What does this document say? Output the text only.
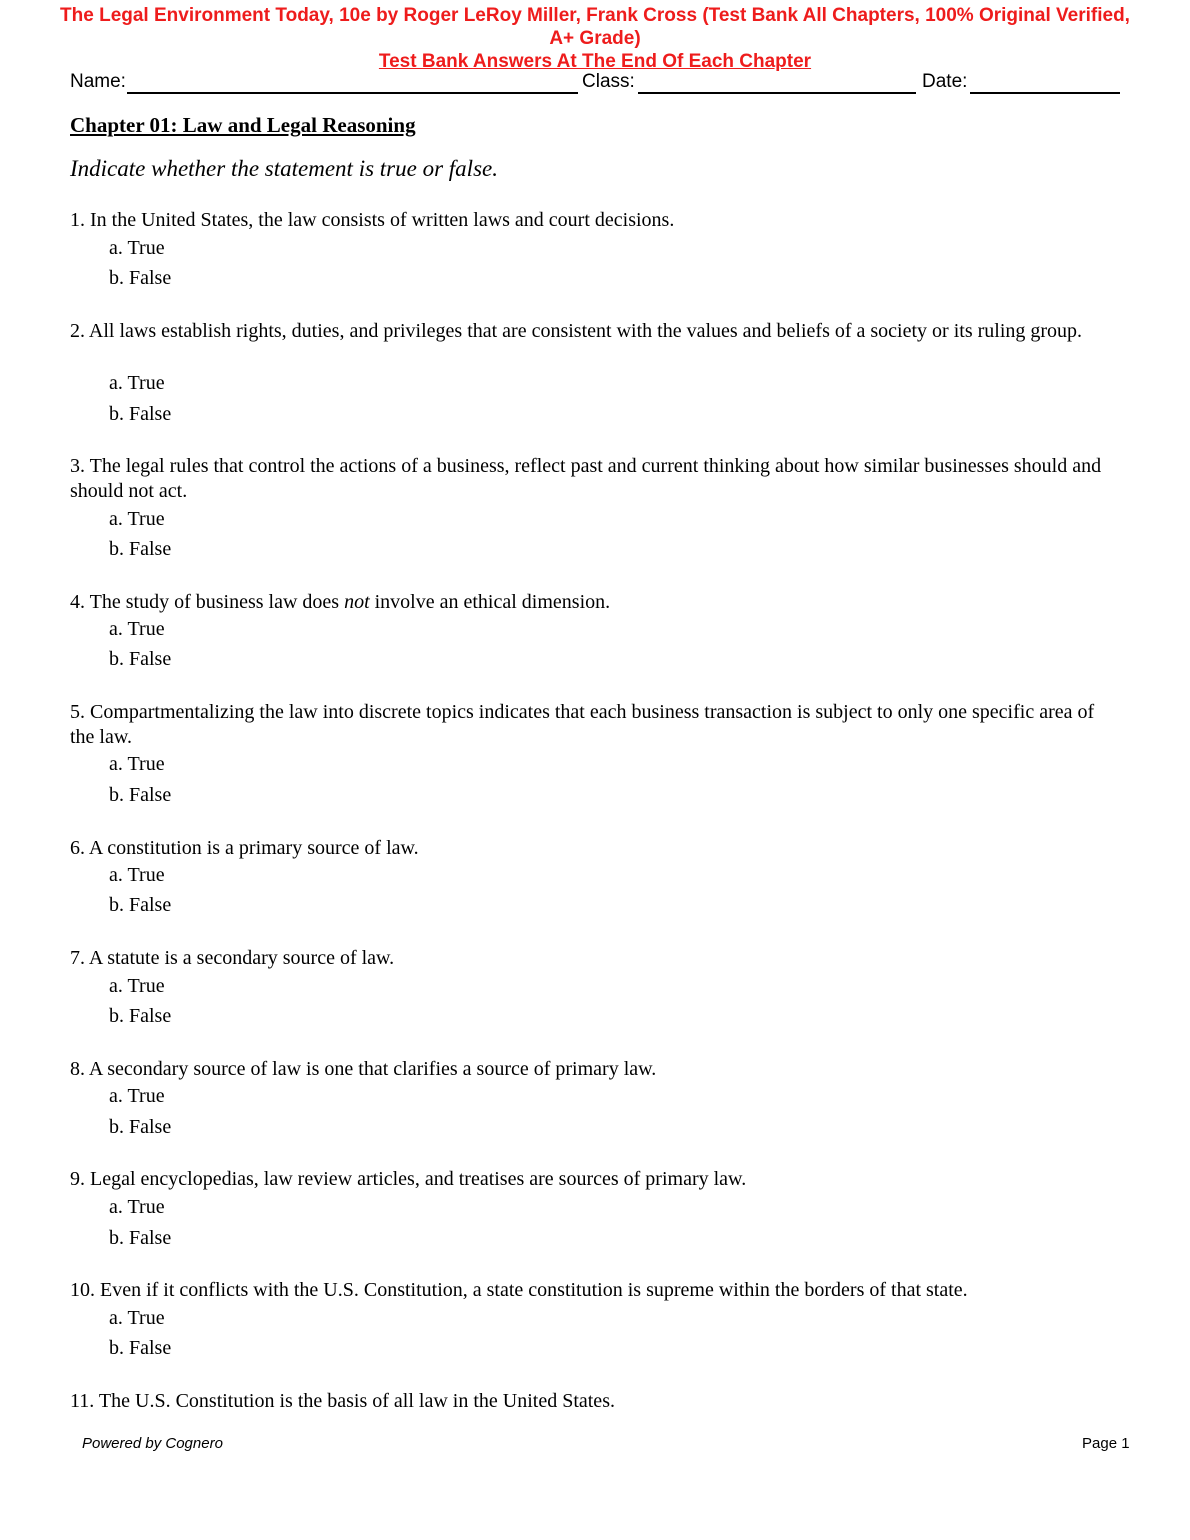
The Legal Environment Today, 10e by Roger LeRoy Miller, Frank Cross (Test Bank All Chapters, 100% Original Verified,
A+ Grade)
Test Bank Answers At The End Of Each Chapter
Name:	Class:	Date:
Chapter 01: Law and Legal Reasoning
Indicate whether the statement is true or false.
1. In the United States, the law consists of written laws and court decisions.
a. True
b. False
2. All laws establish rights, duties, and privileges that are consistent with the values and beliefs of a society or its ruling group.
a. True
b. False
3. The legal rules that control the actions of a business, reflect past and current thinking about how similar businesses should and should not act.
a. True
b. False
4. The study of business law does not involve an ethical dimension.
a. True
b. False
5. Compartmentalizing the law into discrete topics indicates that each business transaction is subject to only one specific area of the law.
a. True
b. False
6. A constitution is a primary source of law.
a. True
b. False
7. A statute is a secondary source of law.
a. True
b. False
8. A secondary source of law is one that clarifies a source of primary law.
a. True
b. False
9. Legal encyclopedias, law review articles, and treatises are sources of primary law.
a. True
b. False
10. Even if it conflicts with the U.S. Constitution, a state constitution is supreme within the borders of that state.
a. True
b. False
11. The U.S. Constitution is the basis of all law in the United States.
Powered by Cognero	Page 1
